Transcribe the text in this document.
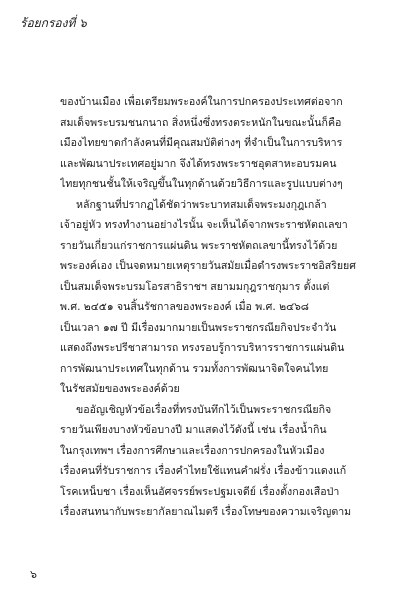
ร้อยกรองที่ ๖
ของบ้านเมือง เพื่อเตรียมพระองค์ในการปกครองประเทศต่อจาก
สมเด็จพระบรมชนกนาถ สิ่งหนึ่งซึ่งทรงตระหนักในขณะนั้นก็คือ
เมืองไทยขาดกำลังคนที่มีคุณสมบัติต่างๆ ที่จำเป็นในการบริหาร
และพัฒนาประเทศอยู่มาก จึงได้ทรงพระราชอุตสาหะอบรมคน
ไทยทุกชนชั้นให้เจริญขึ้นในทุกด้านด้วยวิธีการและรูปแบบต่างๆ
หลักฐานที่ปรากฏได้ชัดว่าพระบาทสมเด็จพระมงกุฎเกล้า
เจ้าอยู่หัว ทรงทำงานอย่างไรนั้น จะเห็นได้จากพระราชหัตถเลขา
รายวันเกี่ยวแก่ราชการแผ่นดิน พระราชหัตถเลขานี้ทรงไว้ด้วย
พระองค์เอง เป็นจดหมายเหตุรายวันสมัยเมื่อดำรงพระราชอิสริยยศ
เป็นสมเด็จพระบรมโอรสาธิราชฯ สยามมกุฎราชกุมาร ตั้งแต่
พ.ศ. ๒๔๕๑ จนสิ้นรัชกาลของพระองค์ เมื่อ พ.ศ. ๒๔๖๘
เป็นเวลา ๑๗ ปี มีเรื่องมากมายเป็นพระราชกรณียกิจประจำวัน
แสดงถึงพระปรีชาสามารถ ทรงรอบรู้การบริหารราชการแผ่นดิน
การพัฒนาประเทศในทุกด้าน รวมทั้งการพัฒนาจิตใจคนไทย
ในรัชสมัยของพระองค์ด้วย
ขออัญเชิญหัวข้อเรื่องที่ทรงบันทึกไว้เป็นพระราชกรณียกิจ
รายวันเพียงบางหัวข้อบางปี มาแสดงไว้ดังนี้ เช่น เรื่องน้ำกิน
ในกรุงเทพฯ เรื่องการศึกษาและเรื่องการปกครองในหัวเมือง
เรื่องคนที่รับราชการ เรื่องคำไทยใช้แทนคำฝรั่ง เรื่องข้าวแดงแก้
โรคเหน็บชา เรื่องเห็นอัศจรรย์พระปฐมเจดีย์ เรื่องตั้งกองเสือป่า
เรื่องสนทนากับพระยากัลยาณไมตรี เรื่องโทษของความเจริญตาม
๖
